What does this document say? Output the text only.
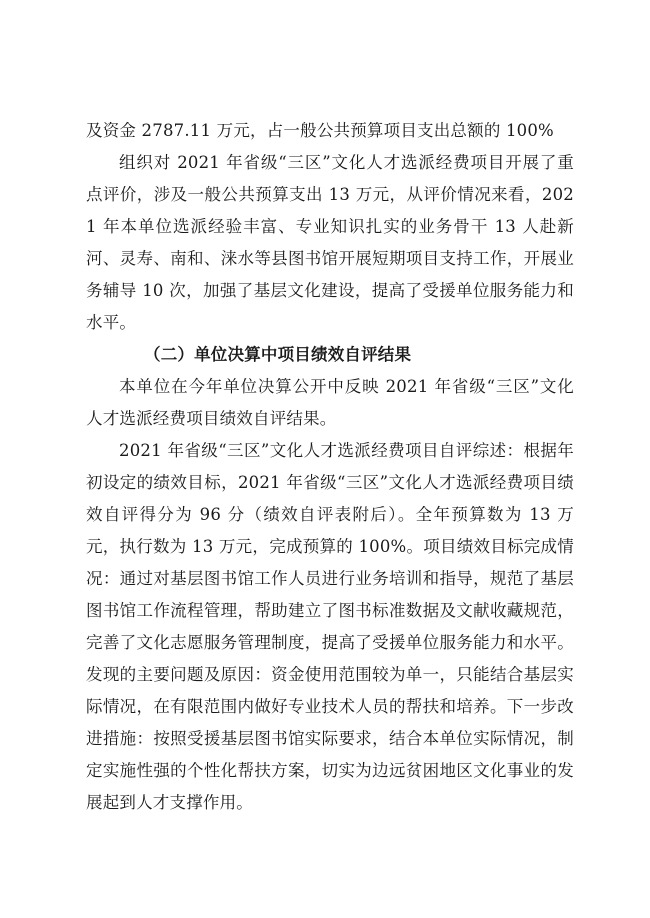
及资金 2787.11 万元，占一般公共预算项目支出总额的 100%

组织对 2021 年省级“三区”文化人才选派经费项目开展了重点评价，涉及一般公共预算支出 13 万元，从评价情况来看，2021 年本单位选派经验丰富、专业知识扎实的业务骨干 13 人赴新河、灵寿、南和、涞水等县图书馆开展短期项目支持工作，开展业务辅导 10 次，加强了基层文化建设，提高了受援单位服务能力和水平。

（二）单位决算中项目绩效自评结果

本单位在今年单位决算公开中反映 2021 年省级“三区”文化人才选派经费项目绩效自评结果。

2021 年省级“三区”文化人才选派经费项目自评综述：根据年初设定的绩效目标，2021 年省级“三区”文化人才选派经费项目绩效自评得分为 96 分（绩效自评表附后）。全年预算数为 13 万元，执行数为 13 万元，完成预算的 100%。项目绩效目标完成情况：通过对基层图书馆工作人员进行业务培训和指导，规范了基层图书馆工作流程管理，帮助建立了图书标准数据及文献收藏规范，完善了文化志愿服务管理制度，提高了受援单位服务能力和水平。发现的主要问题及原因：资金使用范围较为单一，只能结合基层实际情况，在有限范围内做好专业技术人员的帮扶和培养。下一步改进措施：按照受援基层图书馆实际要求，结合本单位实际情况，制定实施性强的个性化帮扶方案，切实为边远贫困地区文化事业的发展起到人才支撑作用。
